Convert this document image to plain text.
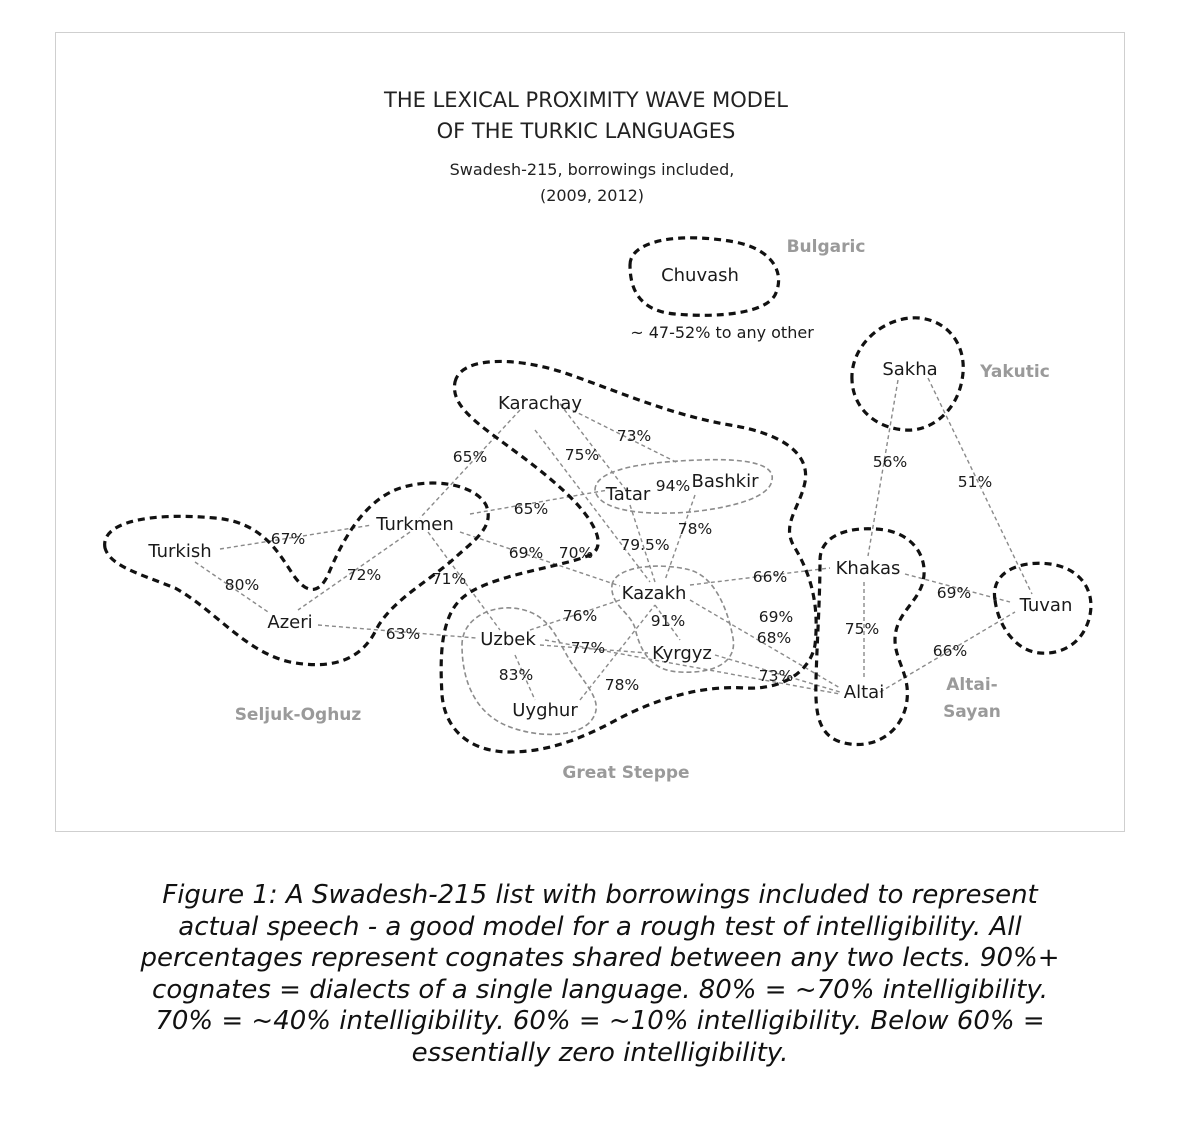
THE LEXICAL PROXIMITY WAVE MODEL
OF THE TURKIC LANGUAGES
Swadesh-215, borrowings included,
(2009, 2012)
Chuvash
Sakha
Karachay
Tatar
Bashkir
Turkish
Turkmen
Azeri
Kazakh
Khakas
Tuvan
Uzbek
Kyrgyz
Uyghur
Altai
Bulgaric
Yakutic
Seljuk-Oghuz
Great Steppe
Altai-
Sayan
~ 47-52% to any other
73%
75%
65%
65%
94%
78%
79.5%
69% 70%
67%
80%
72%	71%
63%
76%	91%
77%
83%
78%
66%
69%
68%
73%
56%
51%
69%
75%
66%
Figure 1: A Swadesh-215 list with borrowings included to represent
actual speech - a good model for a rough test of intelligibility. All
percentages represent cognates shared between any two lects. 90%+
cognates = dialects of a single language. 80% = ~70% intelligibility.
70% = ~40% intelligibility. 60% = ~10% intelligibility. Below 60% =
essentially zero intelligibility.
